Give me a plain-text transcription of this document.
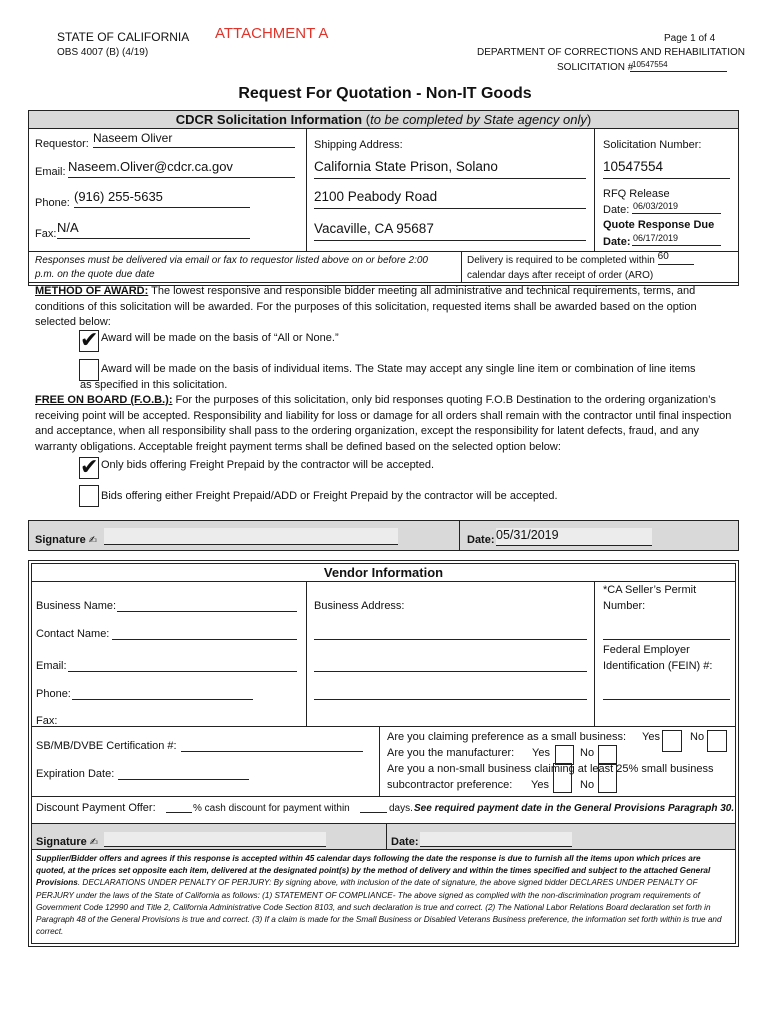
STATE OF CALIFORNIA ATTACHMENT A
OBS 4007 (B) (4/19)
Page 1 of 4
DEPARTMENT OF CORRECTIONS AND REHABILITATION
SOLICITATION #
10547554
Request For Quotation - Non-IT Goods
CDCR Solicitation Information (to be completed by State agency only)
Requestor: Naseem Oliver
Email: Naseem.Oliver@cdcr.ca.gov
Phone: (916) 255-5635
Fax: N/A
Shipping Address:
California State Prison, Solano
2100 Peabody Road
Vacaville, CA 95687
Solicitation Number:
10547554
RFQ Release
Date: 06/03/2019
Quote Response Due
Date: 06/17/2019
Responses must be delivered via email or fax to requestor listed above on or before 2:00 p.m. on the quote due date
Delivery is required to be completed within 60
calendar days after receipt of order (ARO)
METHOD OF AWARD: The lowest responsive and responsible bidder meeting all administrative and technical requirements, terms, and conditions of this solicitation will be awarded. For the purposes of this solicitation, requested items shall be awarded based on the option selected below:
✔ Award will be made on the basis of “All or None.”
Award will be made on the basis of individual items. The State may accept any single line item or combination of line items
as specified in this solicitation.
FREE ON BOARD (F.O.B.): For the purposes of this solicitation, only bid responses quoting F.O.B Destination to the ordering organization’s receiving point will be accepted. Responsibility and liability for loss or damage for all orders shall remain with the contractor until final inspection and acceptance, when all responsibility shall pass to the ordering organization, except the responsibility for latent defects, fraud, and any warranty obligations. Acceptable freight payment terms shall be defined based on the selected option below:
✔ Only bids offering Freight Prepaid by the contractor will be accepted.
Bids offering either Freight Prepaid/ADD or Freight Prepaid by the contractor will be accepted.
Signature ✍	Date: 05/31/2019
Vendor Information
Business Name:	Business Address:
*CA Seller’s Permit
Number:
Contact Name:
Federal Employer
Identification (FEIN) #:
Email:
Phone:
Fax:
SB/MB/DVBE Certification #:
Expiration Date:
Are you claiming preference as a small business: Yes	No
Are you the manufacturer: Yes	No
Are you a non-small business claiming at least 25% small business
subcontractor preference: Yes	No
Discount Payment Offer:	% cash discount for payment within	days. See required payment date in the General Provisions Paragraph 30.
Signature ✍	Date:
Supplier/Bidder offers and agrees if this response is accepted within 45 calendar days following the date the response is due to furnish all the items upon which prices are quoted, at the prices set opposite each item, delivered at the designated point(s) by the method of delivery and within the times specified and subject to the attached General Provisions. DECLARATIONS UNDER PENALTY OF PERJURY: By signing above, with inclusion of the date of signature, the above signed bidder DECLARES UNDER PENALTY OF PERJURY under the laws of the State of California as follows: (1) STATEMENT OF COMPLIANCE- The above signed as complied with the non-discrimination program requirements of Government Code 12990 and Title 2, California Administrative Code Section 8103, and such declaration is true and correct. (2) The National Labor Relations Board declaration set forth in Paragraph 48 of the General Provisions is true and correct. (3) If a claim is made for the Small Business or Disabled Veterans Business preference, the information set forth within is true and correct.
